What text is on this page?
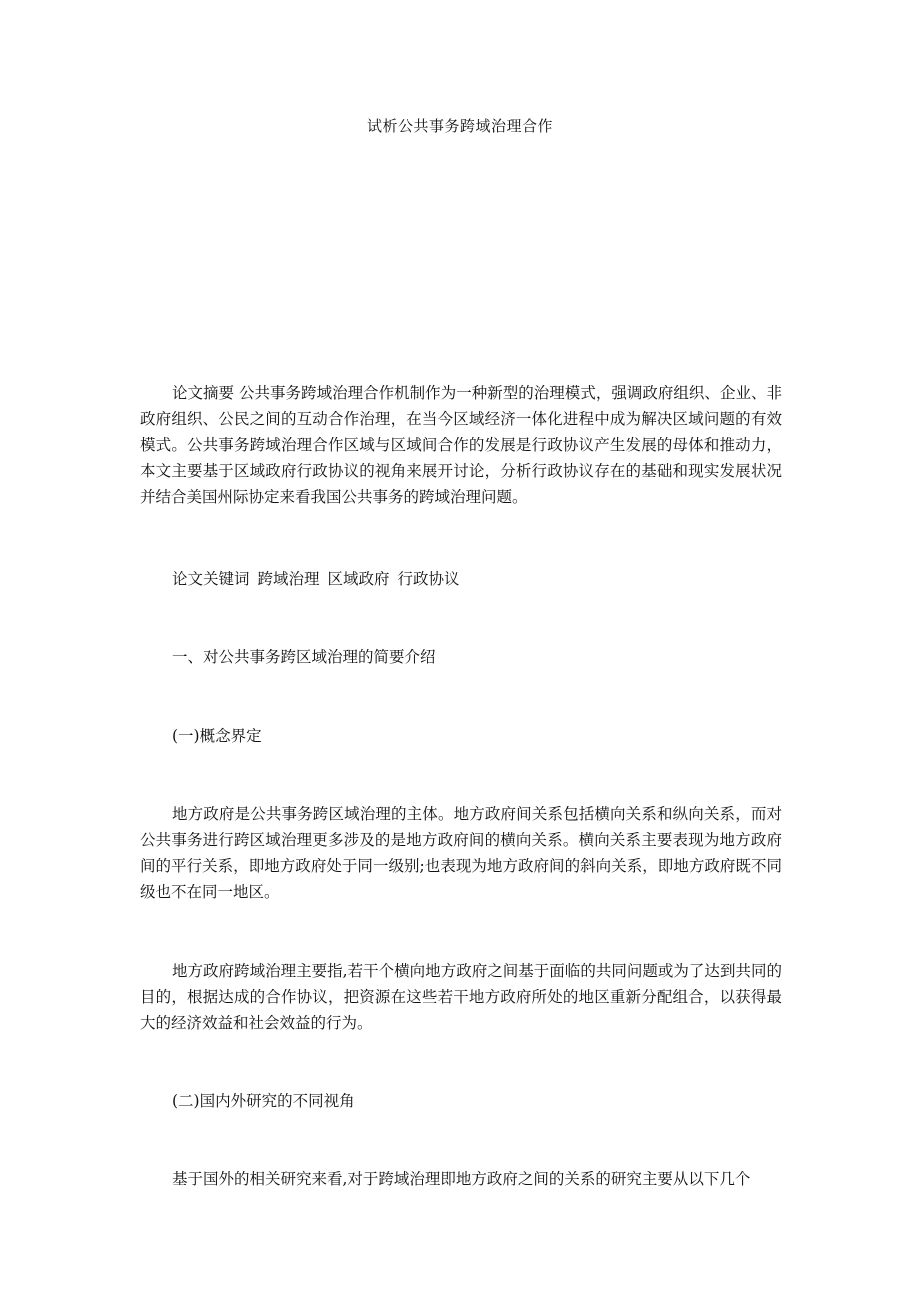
试析公共事务跨域治理合作
论文摘要 公共事务跨域治理合作机制作为一种新型的治理模式，强调政府组织、企业、非政府组织、公民之间的互动合作治理，在当今区域经济一体化进程中成为解决区域问题的有效模式。公共事务跨域治理合作区域与区域间合作的发展是行政协议产生发展的母体和推动力，本文主要基于区域政府行政协议的视角来展开讨论，分析行政协议存在的基础和现实发展状况并结合美国州际协定来看我国公共事务的跨域治理问题。
论文关键词 跨域治理 区域政府 行政协议
一、对公共事务跨区域治理的简要介绍
(一)概念界定
地方政府是公共事务跨区域治理的主体。地方政府间关系包括横向关系和纵向关系，而对公共事务进行跨区域治理更多涉及的是地方政府间的横向关系。横向关系主要表现为地方政府间的平行关系，即地方政府处于同一级别;也表现为地方政府间的斜向关系，即地方政府既不同级也不在同一地区。
地方政府跨域治理主要指,若干个横向地方政府之间基于面临的共同问题或为了达到共同的目的，根据达成的合作协议，把资源在这些若干地方政府所处的地区重新分配组合，以获得最大的经济效益和社会效益的行为。
(二)国内外研究的不同视角
基于国外的相关研究来看,对于跨域治理即地方政府之间的关系的研究主要从以下几个
